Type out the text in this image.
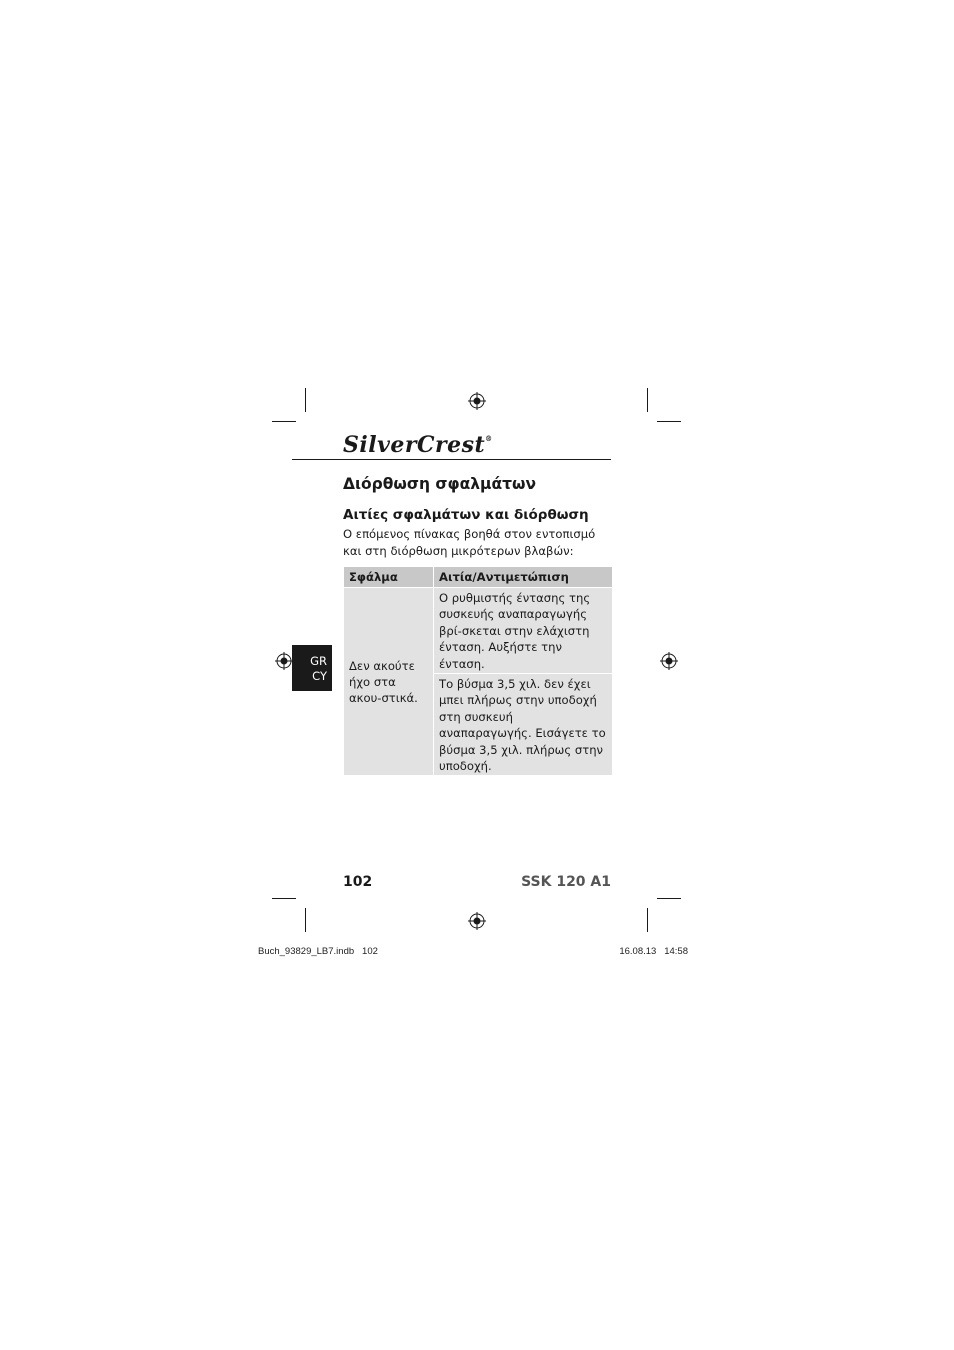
SilverCrest®
Διόρθωση σφαλμάτων
Αιτίες σφαλμάτων και διόρθωση
Ο επόμενος πίνακας βοηθά στον εντοπισμό και στη διόρθωση μικρότερων βλαβών:
Σφάλμα	Αιτία/Αντιμετώπιση
Δεν ακούτε ήχο στα ακου-στικά.	Ο ρυθμιστής έντασης της συσκευής αναπαραγωγής βρί-σκεται στην ελάχιστη ένταση. Αυξήστε την ένταση.
	Το βύσμα 3,5 χιλ. δεν έχει μπει πλήρως στην υποδοχή στη συσκευή αναπαραγωγής. Εισάγετε το βύσμα 3,5 χιλ. πλήρως στην υποδοχή.
GR
CY
102	SSK 120 A1
Buch_93829_LB7.indb   102	16.08.13   14:58
